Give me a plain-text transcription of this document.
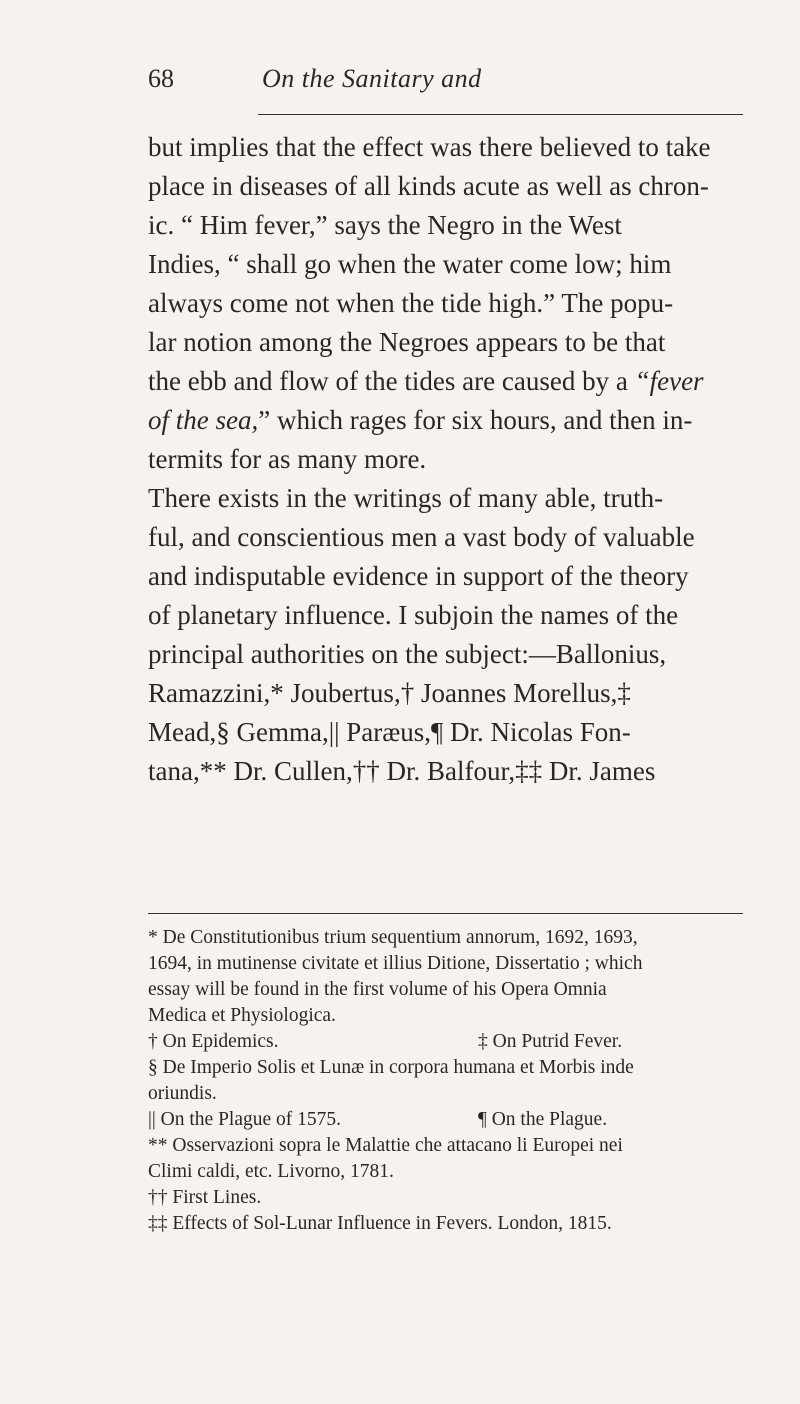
68	On the Sanitary and
but implies that the effect was there believed to take
place in diseases of all kinds acute as well as chron-
ic. “ Him fever,” says the Negro in the West
Indies, “ shall go when the water come low; him
always come not when the tide high.” The popu-
lar notion among the Negroes appears to be that
the ebb and flow of the tides are caused by a “fever
of the sea,” which rages for six hours, and then in-
termits for as many more.
There exists in the writings of many able, truth-
ful, and conscientious men a vast body of valuable
and indisputable evidence in support of the theory
of planetary influence. I subjoin the names of the
principal authorities on the subject:—Ballonius,
Ramazzini,* Joubertus,† Joannes Morellus,‡
Mead,§ Gemma,|| Paræus,¶ Dr. Nicolas Fon-
tana,** Dr. Cullen,†† Dr. Balfour,‡‡ Dr. James
* De Constitutionibus trium sequentium annorum, 1692, 1693,
1694, in mutinense civitate et illius Ditione, Dissertatio ; which
essay will be found in the first volume of his Opera Omnia
Medica et Physiologica.
† On Epidemics.	‡ On Putrid Fever.
§ De Imperio Solis et Lunæ in corpora humana et Morbis inde
oriundis.
|| On the Plague of 1575.	¶ On the Plague.
** Osservazioni sopra le Malattie che attacano li Europei nei
Climi caldi, etc. Livorno, 1781.
†† First Lines.
‡‡ Effects of Sol-Lunar Influence in Fevers. London, 1815.
